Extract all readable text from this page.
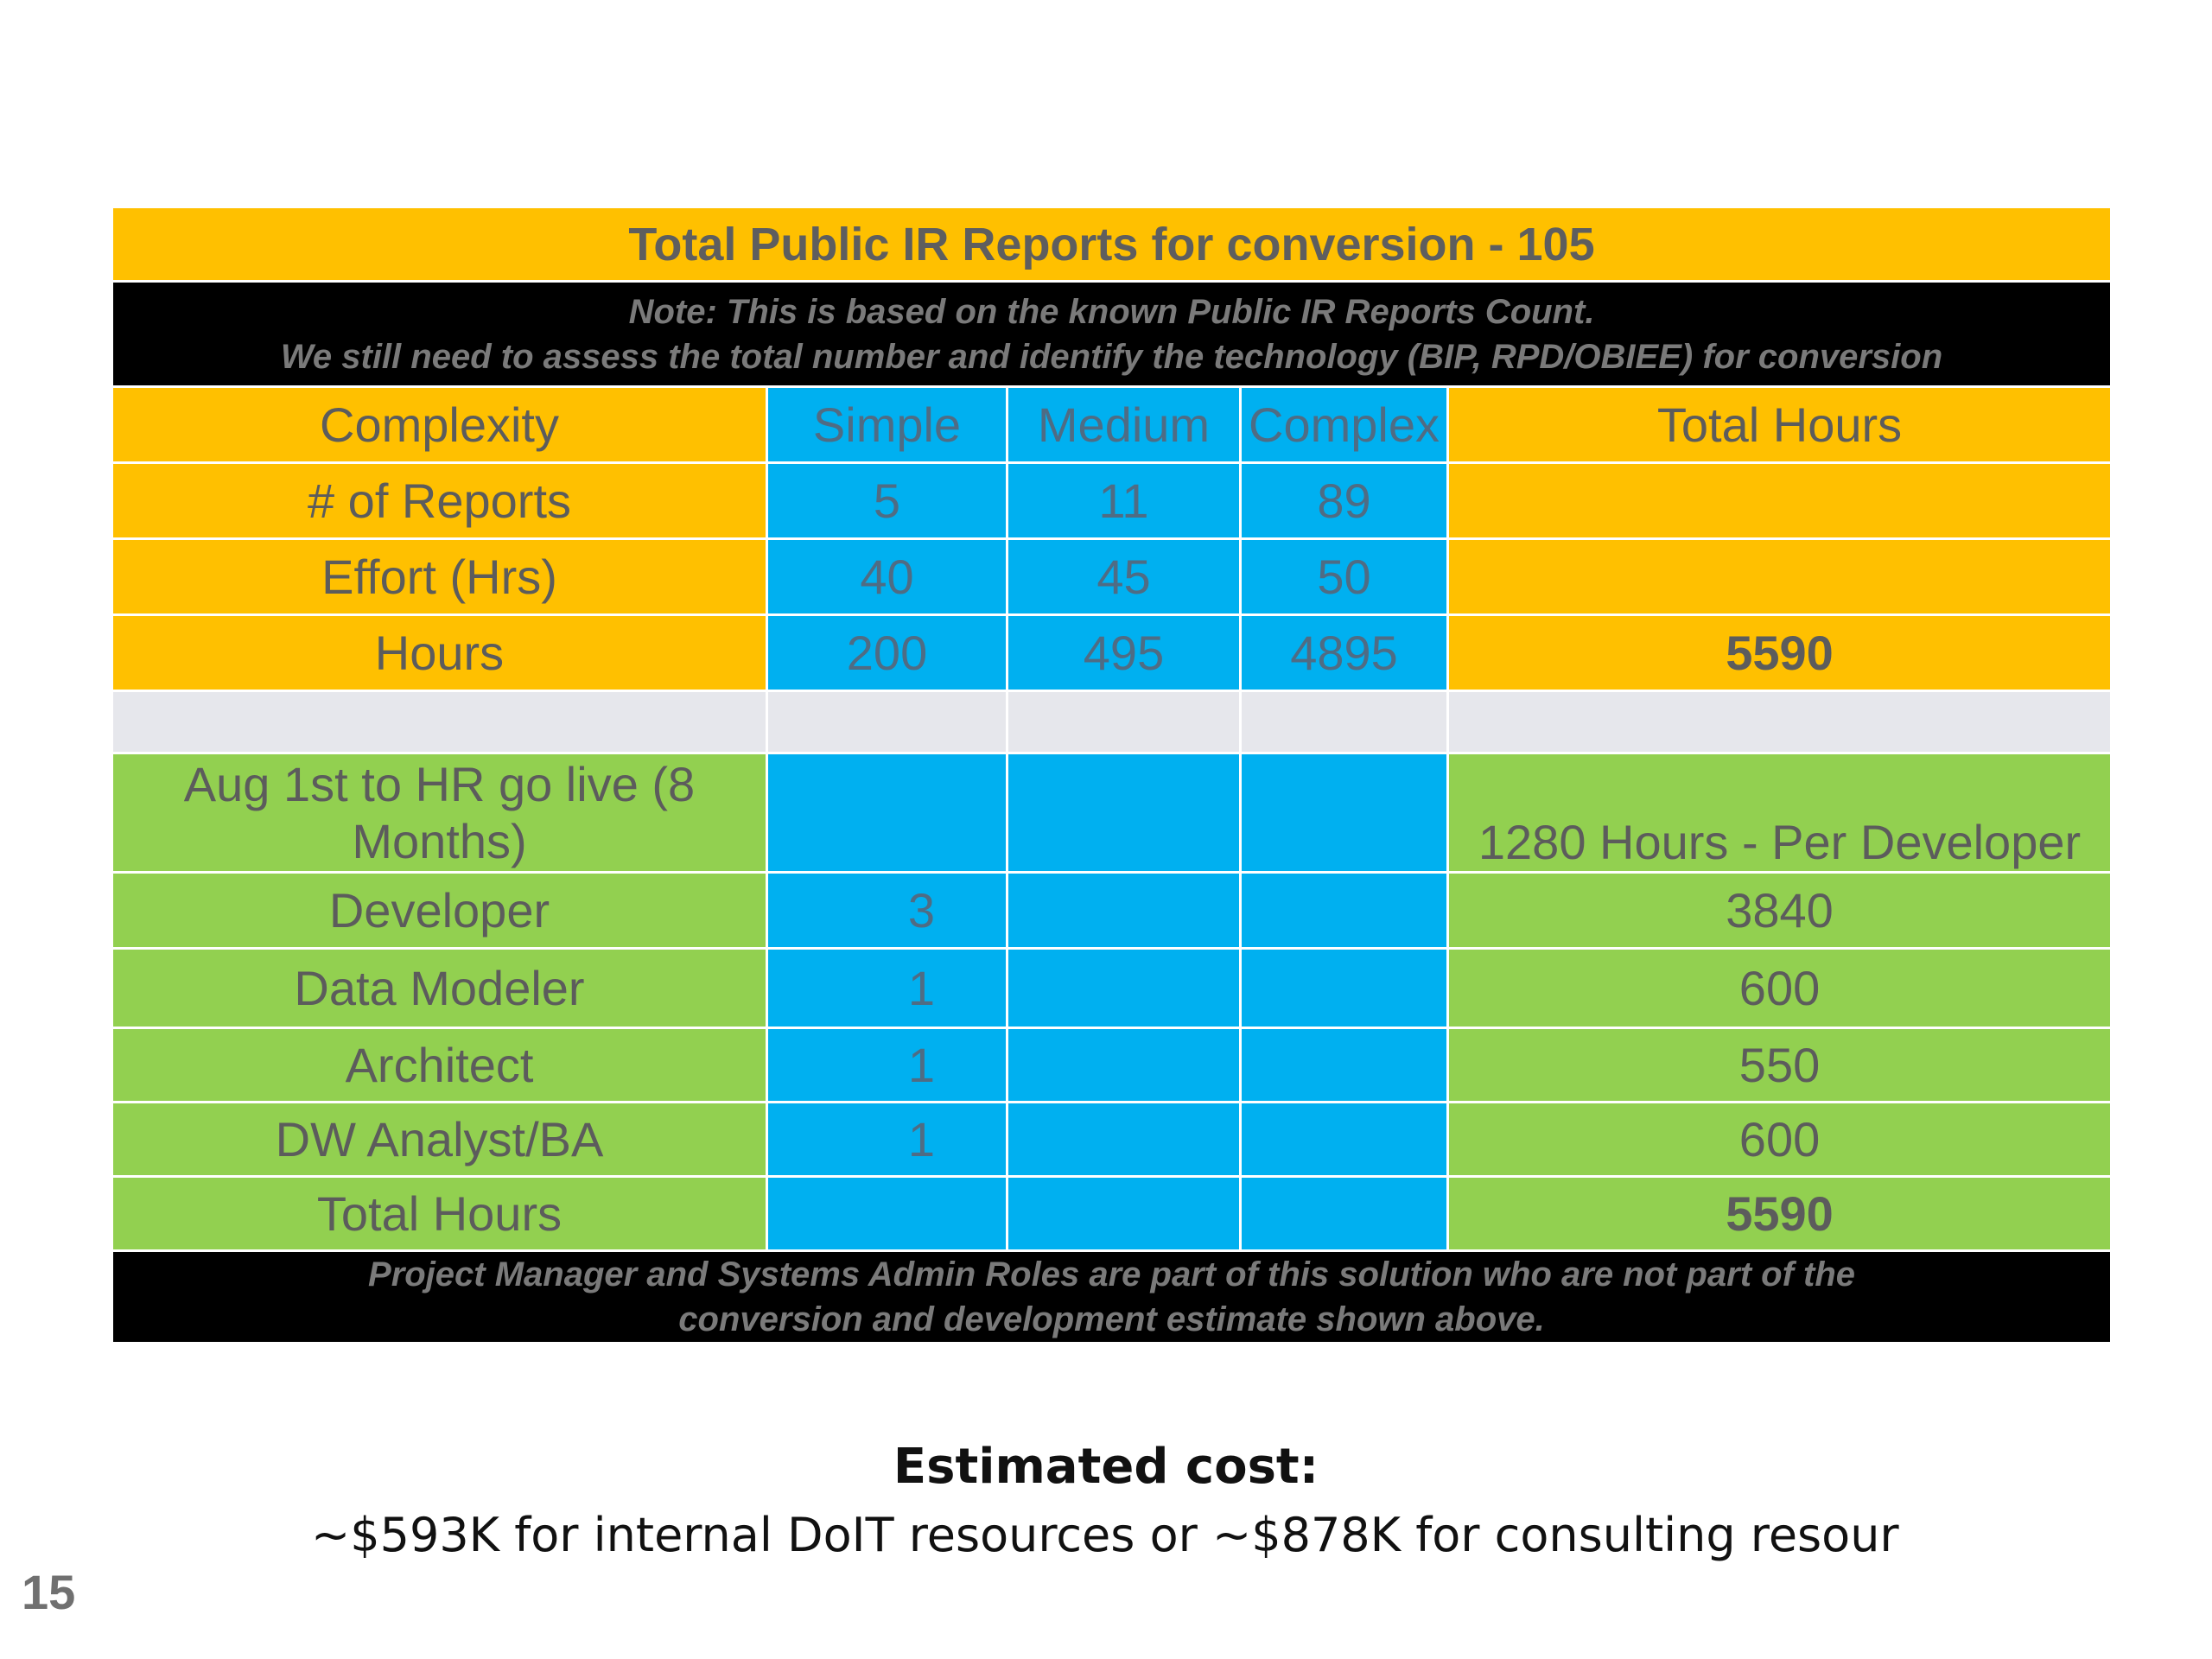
Total Public IR Reports for conversion - 105				

Note: This is based on the known Public IR Reports Count.
We still need to assess the total number and identify the technology (BIP, RPD/OBIEE) for conversion				

Complexity	Simple	Medium	Complex	Total Hours
# of Reports	5	11	89	
Effort (Hrs)	40	45	50	
Hours	200	495	4895	5590

Aug 1st to HR go live (8 Months)				1280 Hours - Per Developer
Developer	3			3840
Data Modeler	1			600
Architect	1			550
DW Analyst/BA	1			600
Total Hours				5590

Project Manager and Systems Admin Roles are part of this solution who are not part of the
conversion and development estimate shown above.				
Estimated cost:
~$593K for internal DoIT resources or ~$878K for consulting resour
15
